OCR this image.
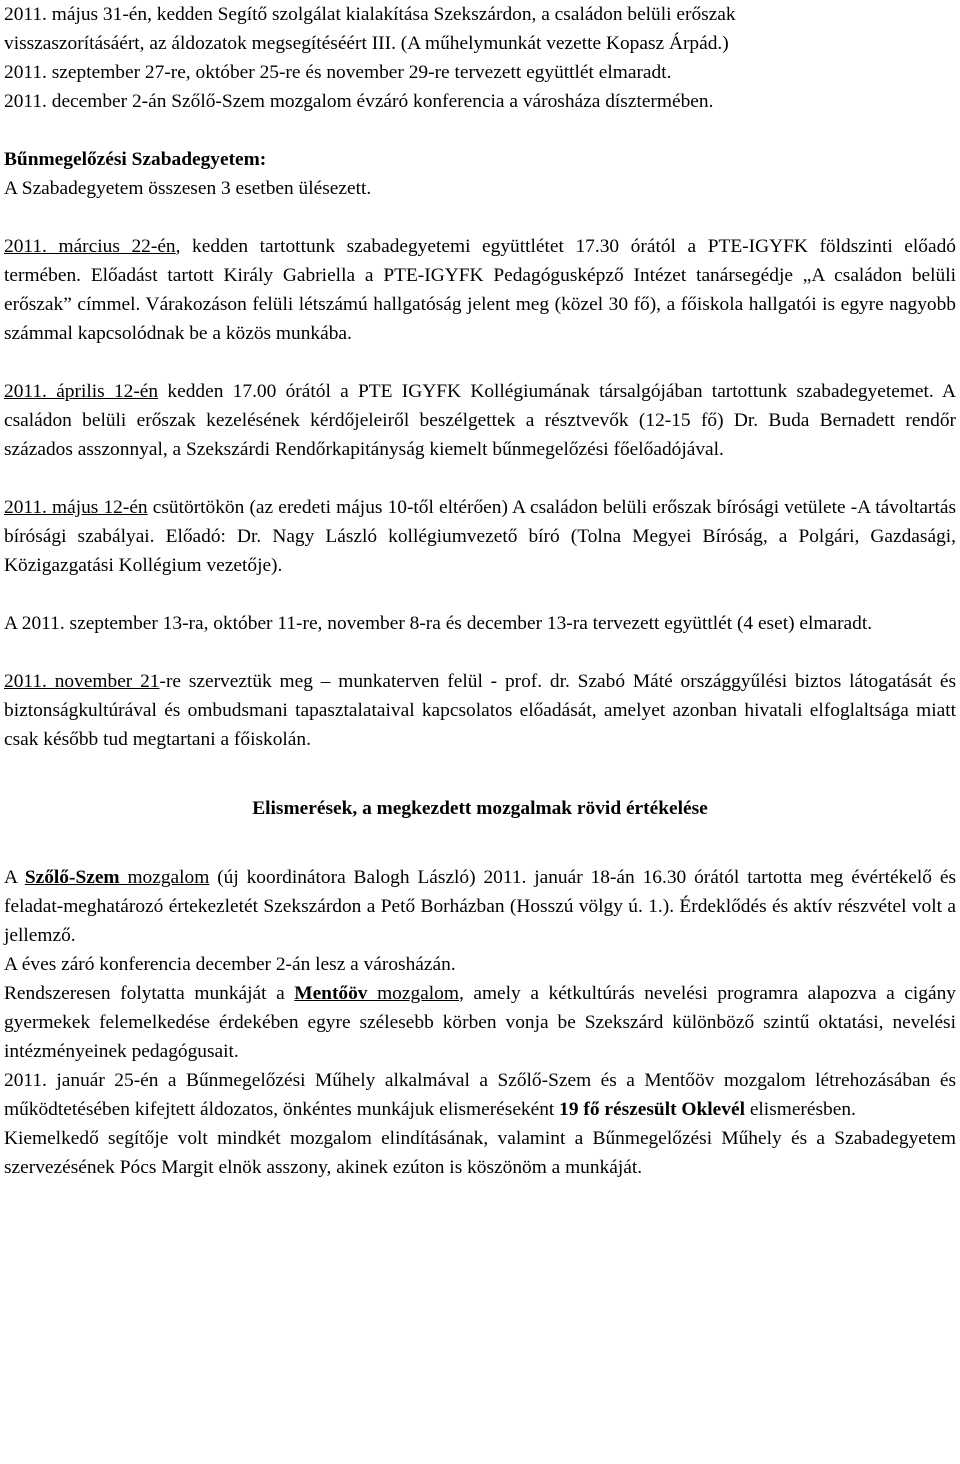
2011. május 31-én, kedden Segítő szolgálat kialakítása Szekszárdon, a családon belüli erőszak

visszaszorításáért, az áldozatok megsegítéséért III. (A műhelymunkát vezette Kopasz Árpád.)

2011. szeptember 27-re, október 25-re és november 29-re tervezett együttlét elmaradt.

2011. december 2-án Szőlő-Szem mozgalom évzáró konferencia a városháza dísztermében.

Bűnmegelőzési Szabadegyetem:

A Szabadegyetem összesen 3 esetben ülésezett.

2011. március 22-én, kedden tartottunk szabadegyetemi együttlétet 17.30 órától a PTE-IGYFK földszinti előadó termében. Előadást tartott Király Gabriella a PTE-IGYFK Pedagógusképző Intézet tanársegédje „A családon belüli erőszak” címmel. Várakozáson felüli létszámú hallgatóság jelent meg (közel 30 fő), a főiskola hallgatói is egyre nagyobb számmal kapcsolódnak be a közös munkába.

2011. április 12-én kedden 17.00 órától a PTE IGYFK Kollégiumának társalgójában tartottunk szabadegyetemet. A családon belüli erőszak kezelésének kérdőjeleiről beszélgettek a résztvevők (12-15 fő) Dr. Buda Bernadett rendőr százados asszonnyal, a Szekszárdi Rendőrkapitányság kiemelt bűnmegelőzési főelőadójával.

2011. május 12-én csütörtökön (az eredeti május 10-től eltérően) A családon belüli erőszak bírósági vetülete -A távoltartás bírósági szabályai. Előadó: Dr. Nagy László kollégiumvezető bíró (Tolna Megyei Bíróság, a Polgári, Gazdasági, Közigazgatási Kollégium vezetője).

A 2011. szeptember 13-ra, október 11-re, november 8-ra és december 13-ra tervezett együttlét (4 eset) elmaradt.

2011. november 21-re szerveztük meg – munkaterven felül - prof. dr. Szabó Máté országgyűlési biztos látogatását és biztonságkultúrával és ombudsmani tapasztalataival kapcsolatos előadását, amelyet azonban hivatali elfoglaltsága miatt csak később tud megtartani a főiskolán.

Elismerések, a megkezdett mozgalmak rövid értékelése

A Szőlő-Szem mozgalom (új koordinátora Balogh László) 2011. január 18-án 16.30 órától tartotta meg évértékelő és feladat-meghatározó értekezletét Szekszárdon a Pető Borházban (Hosszú völgy ú. 1.). Érdeklődés és aktív részvétel volt a jellemző.

A éves záró konferencia december 2-án lesz a városházán.

Rendszeresen folytatta munkáját a Mentőöv mozgalom, amely a kétkultúrás nevelési programra alapozva a cigány gyermekek felemelkedése érdekében egyre szélesebb körben vonja be Szekszárd különböző szintű oktatási, nevelési intézményeinek pedagógusait.

2011. január 25-én a Bűnmegelőzési Műhely alkalmával a Szőlő-Szem és a Mentőöv mozgalom létrehozásában és működtetésében kifejtett áldozatos, önkéntes munkájuk elismeréseként 19 fő részesült Oklevél elismerésben.

Kiemelkedő segítője volt mindkét mozgalom elindításának, valamint a Bűnmegelőzési Műhely és a Szabadegyetem szervezésének Pócs Margit elnök asszony, akinek ezúton is köszönöm a munkáját.
